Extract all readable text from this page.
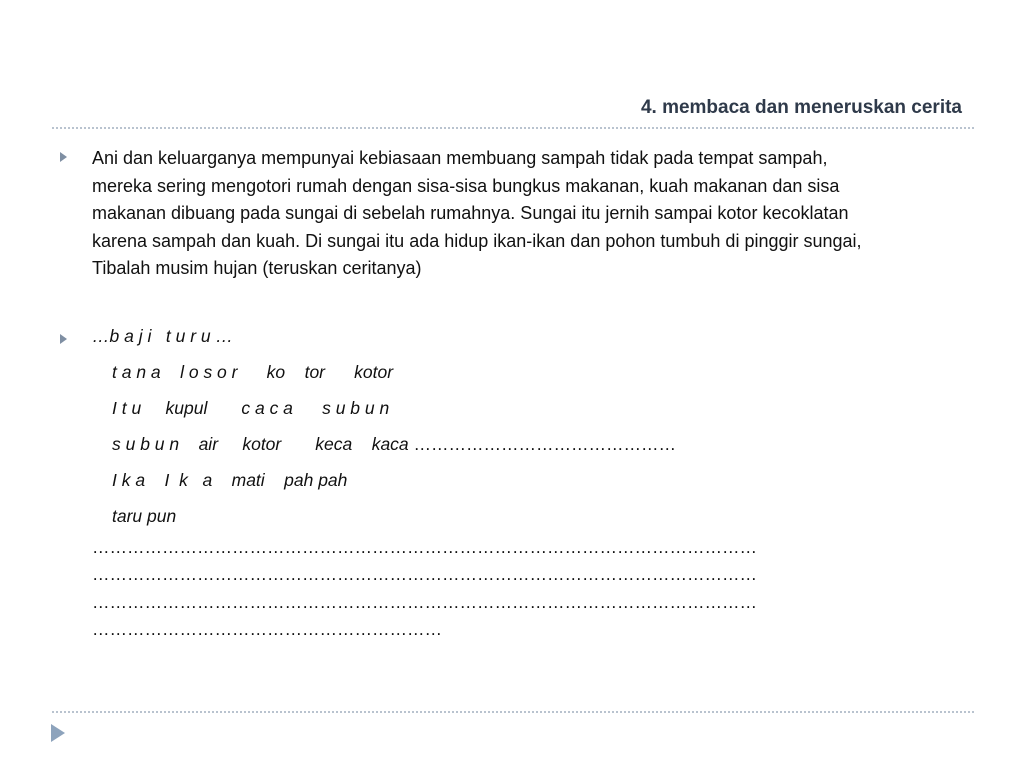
4. membaca dan meneruskan cerita

Ani dan keluarganya mempunyai kebiasaan membuang sampah tidak pada tempat sampah,
mereka sering mengotori rumah dengan sisa-sisa bungkus makanan, kuah makanan dan sisa
makanan dibuang pada sungai di sebelah rumahnya. Sungai itu jernih sampai kotor kecoklatan
karena sampah dan kuah. Di sungai itu ada hidup ikan-ikan dan pohon tumbuh di pinggir sungai,
Tibalah musim hujan (teruskan ceritanya)

…b a j i   t u r u …

t a n a    l o s o r      ko    tor      kotor

I t u     kupul       c a c a      s u b u n

s u b u n    air     kotor       keca    kaca ………………………………………

I k a    I  k   a    mati    pah pah

taru pun

……………………………………………………………………………………………………

……………………………………………………………………………………………………

……………………………………………………………………………………………………

……………………………………………………
